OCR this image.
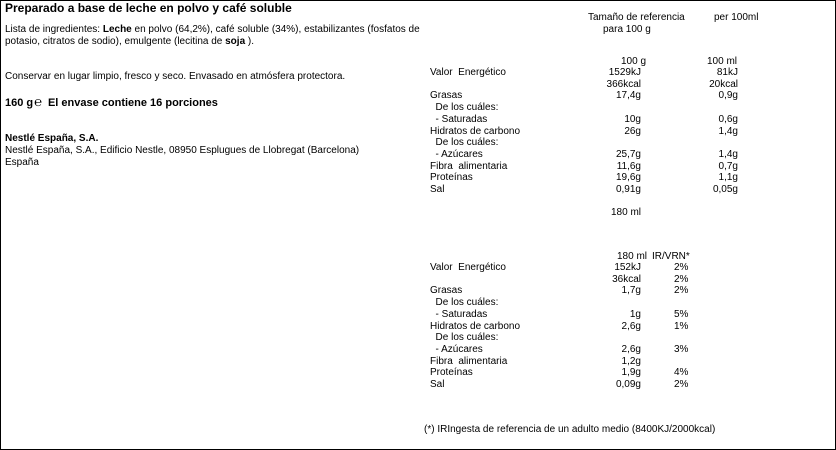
Preparado a base de leche en polvo y café soluble
Lista de ingredientes: Leche en polvo (64,2%), café soluble (34%), estabilizantes (fosfatos de
potasio, citratos de sodio), emulgente (lecitina de soja ).
Conservar en lugar limpio, fresco y seco. Envasado en atmósfera protectora.
160 g℮ El envase contiene 16 porciones
Nestlé España, S.A.
Nestlé España, S.A., Edificio Nestle, 08950 Esplugues de Llobregat (Barcelona)
España
Tamaño de referencia
para 100 g
per 100ml
100 g	100 ml
Valor  Energético	1529kJ	81kJ
366kcal	20kcal
Grasas	17,4g	0,9g
De los cuáles:
- Saturadas	10g	0,6g
Hidratos de carbono	26g	1,4g
De los cuáles:
- Azúcares	25,7g	1,4g
Fibra  alimentaria	11,6g	0,7g
Proteínas	19,6g	1,1g
Sal	0,91g	0,05g
180 ml
180 ml IR/VRN*
Valor  Energético	152kJ	2%
36kcal	2%
Grasas	1,7g	2%
De los cuáles:
- Saturadas	1g	5%
Hidratos de carbono	2,6g	1%
De los cuáles:
- Azúcares	2,6g	3%
Fibra  alimentaria	1,2g
Proteínas	1,9g	4%
Sal	0,09g	2%
(*) IRIngesta de referencia de un adulto medio (8400KJ/2000kcal)
